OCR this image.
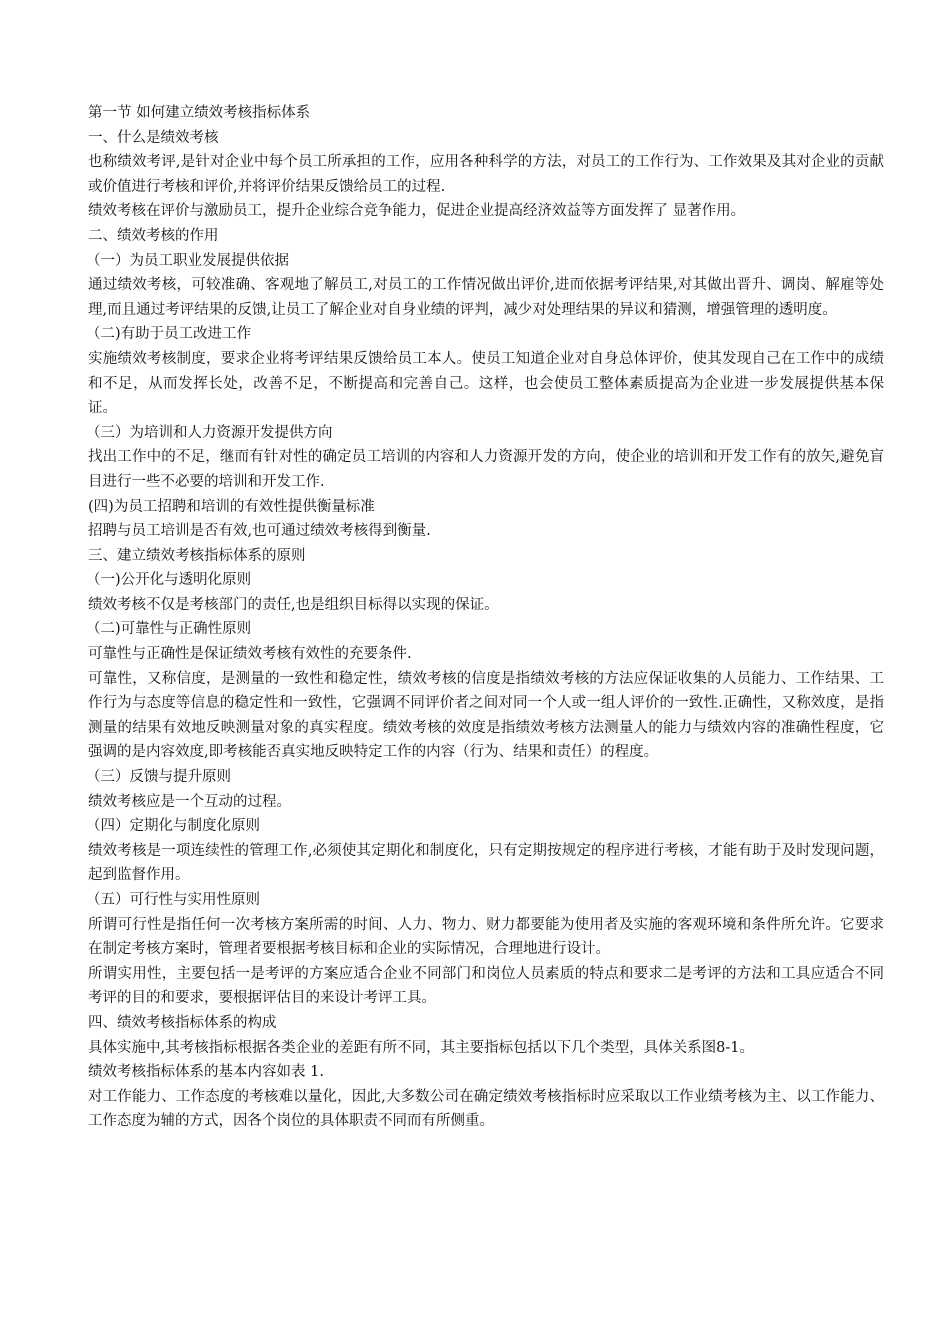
第一节 如何建立绩效考核指标体系

一、什么是绩效考核

也称绩效考评,是针对企业中每个员工所承担的工作，应用各种科学的方法，对员工的工作行为、工作效果及其对企业的贡献或价值进行考核和评价,并将评价结果反馈给员工的过程.

绩效考核在评价与激励员工，提升企业综合竞争能力，促进企业提高经济效益等方面发挥了 显著作用。

二、绩效考核的作用

（一）为员工职业发展提供依据

通过绩效考核，可较准确、客观地了解员工,对员工的工作情况做出评价,进而依据考评结果,对其做出晋升、调岗、解雇等处理,而且通过考评结果的反馈,让员工了解企业对自身业绩的评判，减少对处理结果的异议和猜测，增强管理的透明度。

（二)有助于员工改进工作

实施绩效考核制度，要求企业将考评结果反馈给员工本人。使员工知道企业对自身总体评价，使其发现自己在工作中的成绩和不足，从而发挥长处，改善不足，不断提高和完善自己。这样，也会使员工整体素质提高为企业进一步发展提供基本保证。

（三）为培训和人力资源开发提供方向

找出工作中的不足，继而有针对性的确定员工培训的内容和人力资源开发的方向，使企业的培训和开发工作有的放矢,避免盲目进行一些不必要的培训和开发工作.

(四)为员工招聘和培训的有效性提供衡量标准

招聘与员工培训是否有效,也可通过绩效考核得到衡量.

三、建立绩效考核指标体系的原则

（一)公开化与透明化原则

绩效考核不仅是考核部门的责任,也是组织目标得以实现的保证。

（二)可靠性与正确性原则

可靠性与正确性是保证绩效考核有效性的充要条件.

可靠性，又称信度，是测量的一致性和稳定性，绩效考核的信度是指绩效考核的方法应保证收集的人员能力、工作结果、工作行为与态度等信息的稳定性和一致性，它强调不同评价者之间对同一个人或一组人评价的一致性.正确性，又称效度，是指测量的结果有效地反映测量对象的真实程度。绩效考核的效度是指绩效考核方法测量人的能力与绩效内容的准确性程度，它强调的是内容效度,即考核能否真实地反映特定工作的内容（行为、结果和责任）的程度。

（三）反馈与提升原则

绩效考核应是一个互动的过程。

（四）定期化与制度化原则

绩效考核是一项连续性的管理工作,必须使其定期化和制度化，只有定期按规定的程序进行考核，才能有助于及时发现问题，起到监督作用。

（五）可行性与实用性原则

所谓可行性是指任何一次考核方案所需的时间、人力、物力、财力都要能为使用者及实施的客观环境和条件所允许。它要求在制定考核方案时，管理者要根据考核目标和企业的实际情况，合理地进行设计。

所谓实用性，主要包括一是考评的方案应适合企业不同部门和岗位人员素质的特点和要求二是考评的方法和工具应适合不同考评的目的和要求，要根据评估目的来设计考评工具。

四、绩效考核指标体系的构成

具体实施中,其考核指标根据各类企业的差距有所不同，其主要指标包括以下几个类型，具体关系图8-1。

绩效考核指标体系的基本内容如表 1.

对工作能力、工作态度的考核难以量化，因此,大多数公司在确定绩效考核指标时应采取以工作业绩考核为主、以工作能力、工作态度为辅的方式，因各个岗位的具体职责不同而有所侧重。
